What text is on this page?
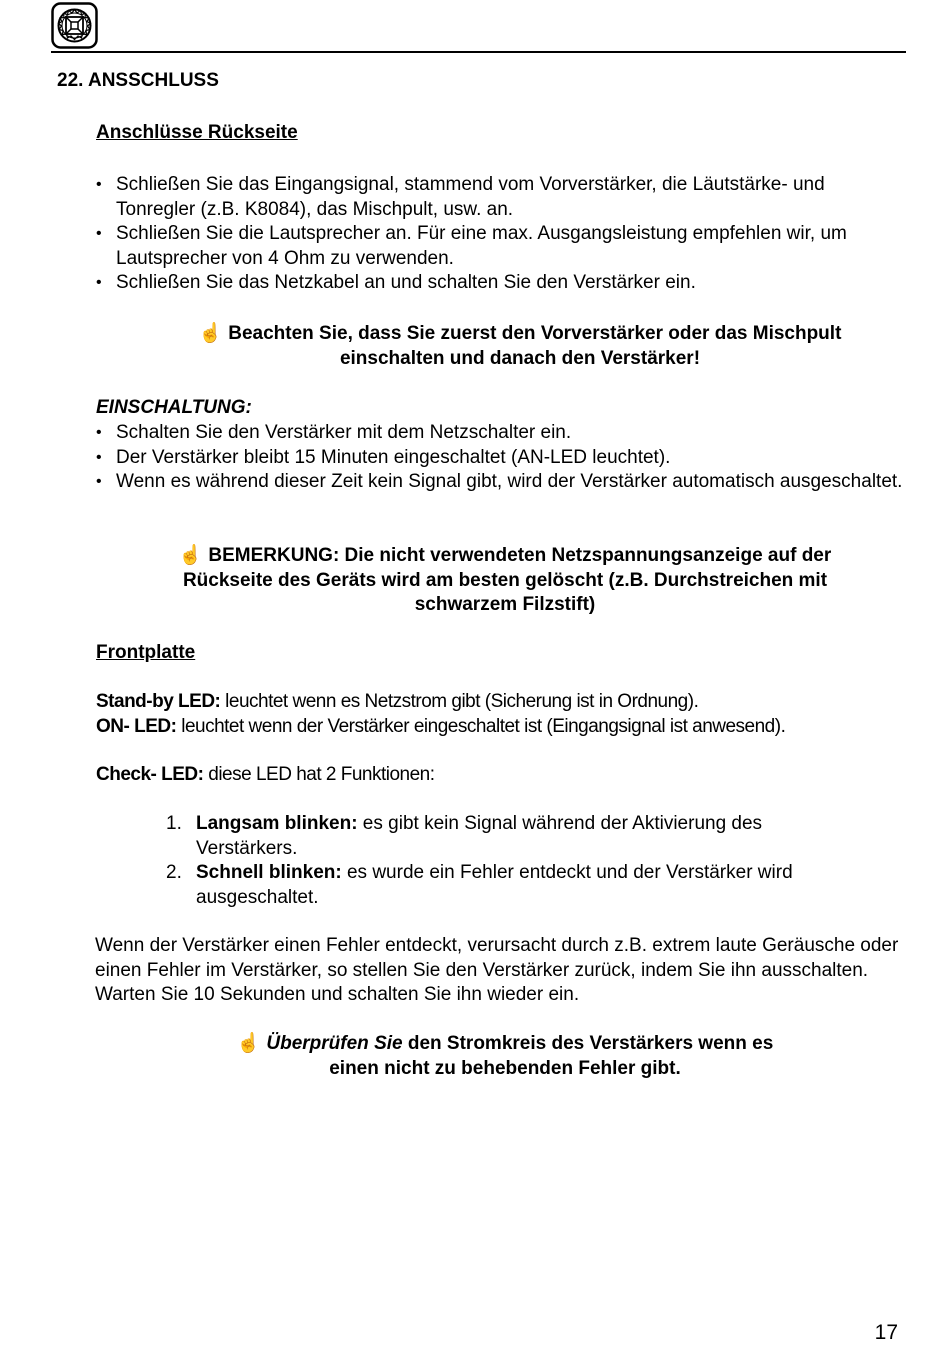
22. ANSSCHLUSS
Anschlüsse Rückseite
• Schließen Sie das Eingangsignal, stammend vom Vorverstärker, die Läutstärke- und Tonregler (z.B. K8084), das Mischpult, usw. an.
• Schließen Sie die Lautsprecher an. Für eine max. Ausgangsleistung empfehlen wir, um Lautsprecher von 4 Ohm zu verwenden.
• Schließen Sie das Netzkabel an und schalten Sie den Verstärker ein.
☝ Beachten Sie, dass Sie zuerst den Vorverstärker oder das Mischpult
einschalten und danach den Verstärker!
EINSCHALTUNG:
• Schalten Sie den Verstärker mit dem Netzschalter ein.
• Der Verstärker bleibt 15 Minuten eingeschaltet (AN-LED leuchtet).
• Wenn es während dieser Zeit kein Signal gibt, wird der Verstärker automatisch ausgeschaltet.
☝ BEMERKUNG: Die nicht verwendeten Netzspannungsanzeige auf der
Rückseite des Geräts wird am besten gelöscht (z.B. Durchstreichen mit
schwarzem Filzstift)
Frontplatte
Stand-by LED: leuchtet wenn es Netzstrom gibt (Sicherung ist in Ordnung).
ON- LED: leuchtet wenn der Verstärker eingeschaltet ist (Eingangsignal ist anwesend).
Check- LED: diese LED hat 2 Funktionen:
1. Langsam blinken: es gibt kein Signal während der Aktivierung des Verstärkers.
2. Schnell blinken: es wurde ein Fehler entdeckt und der Verstärker wird ausgeschaltet.
Wenn der Verstärker einen Fehler entdeckt, verursacht durch z.B. extrem laute Geräusche oder einen Fehler im Verstärker, so stellen Sie den Verstärker zurück, indem Sie ihn ausschalten. Warten Sie 10 Sekunden und schalten Sie ihn wieder ein.
☝ Überprüfen Sie den Stromkreis des Verstärkers wenn es
einen nicht zu behebenden Fehler gibt.
17
